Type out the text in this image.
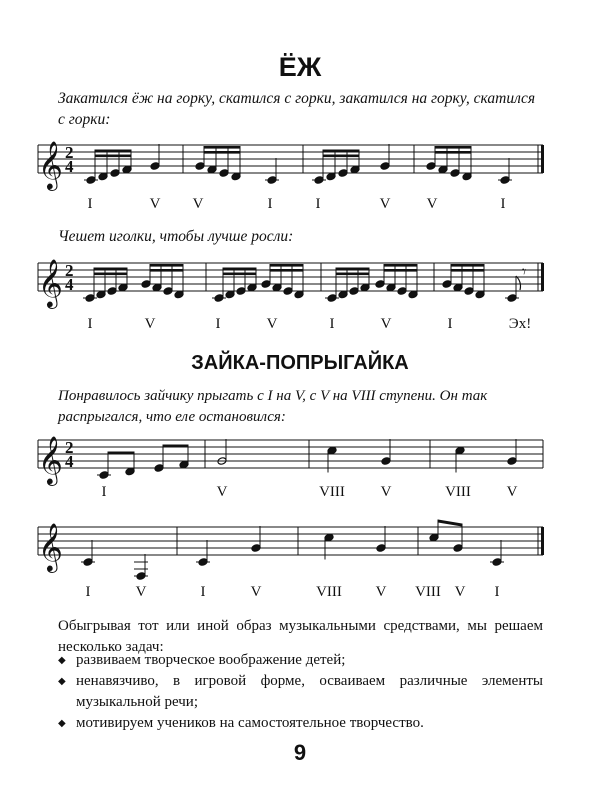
ЁЖ
Закатился ёж на горку, скатился с горки, закатился на горку, скатился с горки:
𝄞 2
4
𝄞 2
4
𝄾
𝄞 2
4
𝄞
I	V	V	I	I	V	V	I
Чешет иголки, чтобы лучше росли:
I	V	I	V	I	V	I	Эх!
ЗАЙКА-ПОПРЫГАЙКА
Понравилось зайчику прыгать с I на V, с V на VIII ступени. Он так распрыгался, что еле остановился:
I	V	VIII	V	VIII	V
I	V	I	V	VIII	V	VIII V	I
Обыгрывая тот или иной образ музыкальными средствами, мы решаем несколько задач:
◆ развиваем творческое воображение детей;
◆ ненавязчиво, в игровой форме, осваиваем различные элементы музыкальной речи;
◆ мотивируем учеников на самостоятельное творчество.
9
